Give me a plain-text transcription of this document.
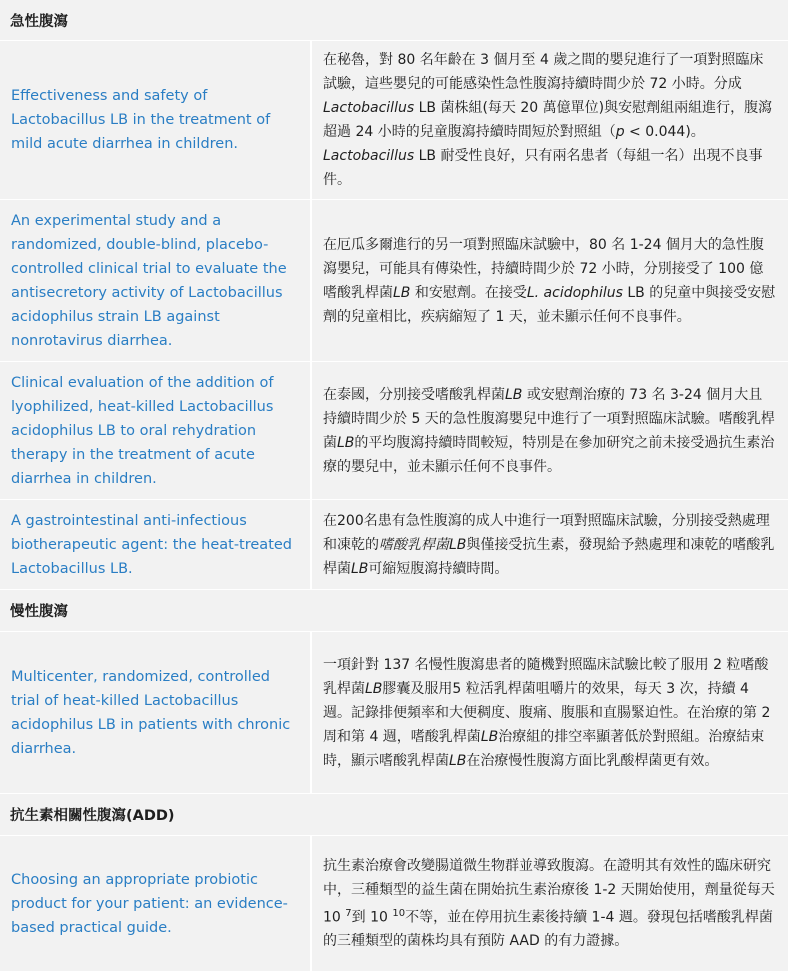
急性腹瀉
Effectiveness and safety of Lactobacillus LB in the treatment of mild acute diarrhea in children.

在秘魯，對 80 名年齡在 3 個月至 4 歲之間的嬰兒進行了一項對照臨床試驗，這些嬰兒的可能感染性急性腹瀉持續時間少於 72 小時。分成Lactobacillus LB 菌株組(每天 20 萬億單位)與安慰劑組兩組進行，腹瀉超過 24 小時的兒童腹瀉持續時間短於對照組（p < 0.044)。Lactobacillus LB 耐受性良好，只有兩名患者（每組一名）出現不良事件。

An experimental study and a randomized, double-blind, placebo-controlled clinical trial to evaluate the antisecretory activity of Lactobacillus acidophilus strain LB against nonrotavirus diarrhea.

在厄瓜多爾進行的另一項對照臨床試驗中，80 名 1-24 個月大的急性腹瀉嬰兒，可能具有傳染性，持續時間少於 72 小時，分別接受了 100 億嗜酸乳桿菌LB 和安慰劑。在接受L. acidophilus LB 的兒童中與接受安慰劑的兒童相比，疾病縮短了 1 天，並未顯示任何不良事件。

Clinical evaluation of the addition of lyophilized, heat-killed Lactobacillus acidophilus LB to oral rehydration therapy in the treatment of acute diarrhea in children.

在泰國，分別接受嗜酸乳桿菌LB 或安慰劑治療的 73 名 3-24 個月大且持續時間少於 5 天的急性腹瀉嬰兒中進行了一項對照臨床試驗。嗜酸乳桿菌LB的平均腹瀉持續時間較短，特別是在參加研究之前未接受過抗生素治療的嬰兒中，並未顯示任何不良事件。

A gastrointestinal anti-infectious biotherapeutic agent: the heat-treated Lactobacillus LB.

在200名患有急性腹瀉的成人中進行一項對照臨床試驗，分別接受熱處理和凍乾的嗜酸乳桿菌LB與僅接受抗生素，發現給予熱處理和凍乾的嗜酸乳桿菌LB可縮短腹瀉持續時間。

慢性腹瀉
Multicenter, randomized, controlled trial of heat-killed Lactobacillus acidophilus LB in patients with chronic diarrhea.

一項針對 137 名慢性腹瀉患者的隨機對照臨床試驗比較了服用 2 粒嗜酸乳桿菌LB膠囊及服用5 粒活乳桿菌咀嚼片的效果，每天 3 次，持續 4 週。記錄排便頻率和大便稠度、腹痛、腹脹和直腸緊迫性。在治療的第 2 周和第 4 週，嗜酸乳桿菌LB治療組的排空率顯著低於對照組。治療結束時，顯示嗜酸乳桿菌LB在治療慢性腹瀉方面比乳酸桿菌更有效。

抗生素相關性腹瀉(ADD)
Choosing an appropriate probiotic product for your patient: an evidence-based practical guide.

抗生素治療會改變腸道微生物群並導致腹瀉。在證明其有效性的臨床研究中，三種類型的益生菌在開始抗生素治療後 1-2 天開始使用，劑量從每天10 $^7$到 10 $^{10}$不等，並在停用抗生素後持續 1-4 週。發現包括嗜酸乳桿菌的三種類型的菌株均具有預防 AAD 的有力證據。
